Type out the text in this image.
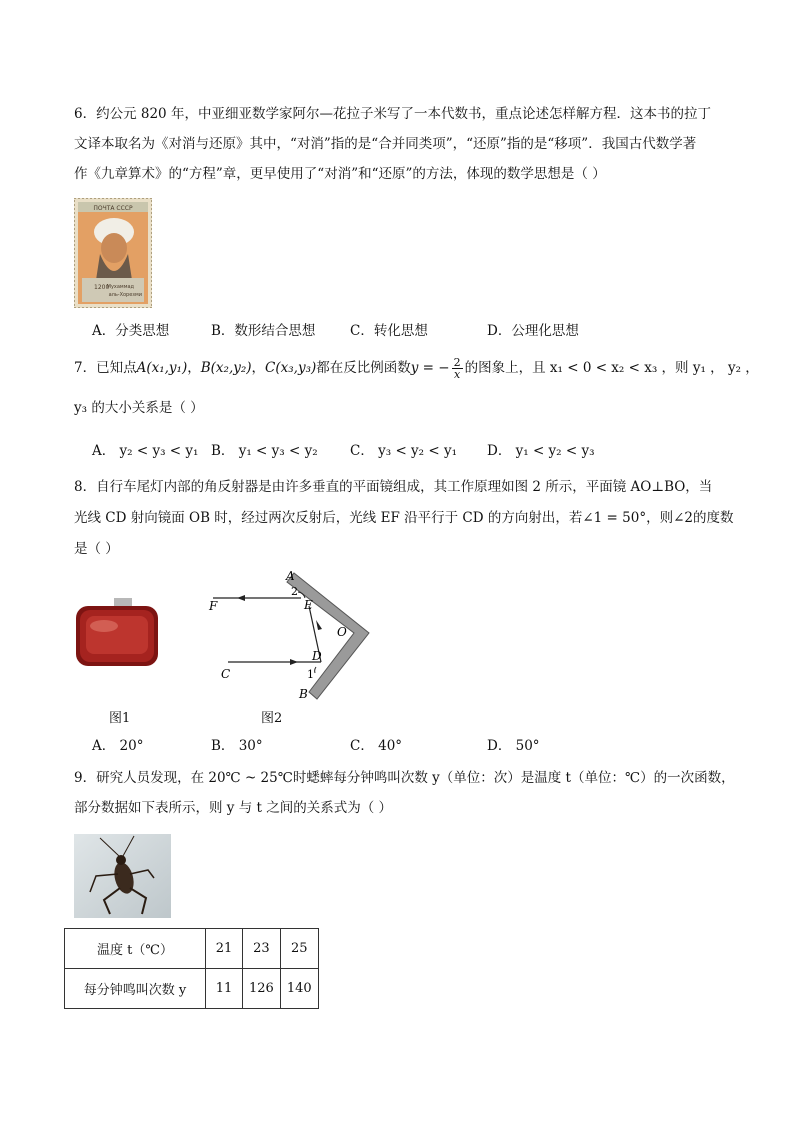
6．约公元 820 年，中亚细亚数学家阿尔—花拉子米写了一本代数书，重点论述怎样解方程．这本书的拉丁
文译本取名为《对消与还原》其中，“对消”指的是“合并同类项”，“还原”指的是“移项”．我国古代数学著
作《九章算术》的“方程”章，更早使用了“对消”和“还原”的方法，体现的数学思想是（ ）
ПОЧТА СССР
1200
Мухаммад
аль-Хорезми
A．分类思想	B．数形结合思想	C．转化思想	D．公理化思想
7．已知点A(x₁,y₁)，B(x₂,y₂)，C(x₃,y₃)都在反比例函数y = − $\frac{2}{x}$ 的图象上，且 x₁ < 0 < x₂ < x₃ ，则 y₁ ， y₂ ，
y₃ 的大小关系是（ ）
A． y₂ < y₃ < y₁ B． y₁ < y₃ < y₂ C． y₃ < y₂ < y₁ D． y₁ < y₂ < y₃
8．自行车尾灯内部的角反射器是由许多垂直的平面镜组成，其工作原理如图 2 所示，平面镜 AO⊥BO，当
光线 CD 射向镜面 OB 时，经过两次反射后，光线 EF 沿平行于 CD 的方向射出，若∠1 = 50°，则∠2的度数
是（ ）
图1
A
2
E
F
O
D
1
C
B
图2
A． 20°	B． 30°	C． 40°	D． 50°
9．研究人员发现，在 20℃ ~ 25℃时蟋蟀每分钟鸣叫次数 y（单位：次）是温度 t（单位：℃）的一次函数，
部分数据如下表所示，则 y 与 t 之间的关系式为（ ）
温度 t（℃）	21	23	25
每分钟鸣叫次数 y	11	126	140
